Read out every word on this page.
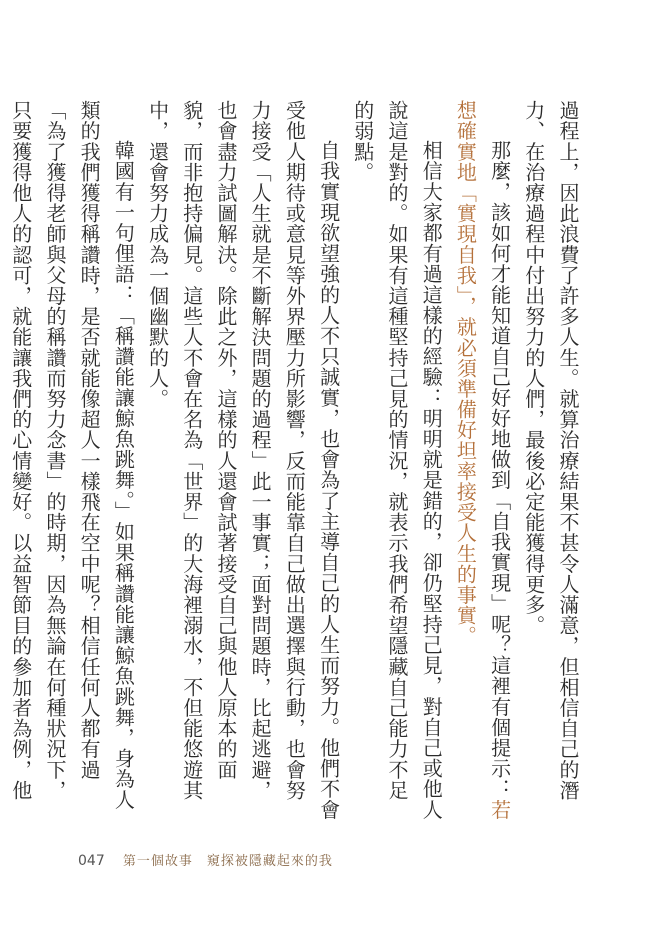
過程上，因此浪費了許多人生。就算治療結果不甚令人滿意，但相信自己的潛力、在治療過程中付出努力的人們，最後必定能獲得更多。

那麼，該如何才能知道自己好好地做到「自我實現」呢？這裡有個提示：若想確實地「實現自我」，就必須準備好坦率接受人生的事實。

相信大家都有過這樣的經驗：明明就是錯的，卻仍堅持己見，對自己或他人說這是對的。如果有這種堅持己見的情況，就表示我們希望隱藏自己能力不足的弱點。

自我實現欲望強的人不只誠實，也會為了主導自己的人生而努力。他們不會受他人期待或意見等外界壓力所影響，反而能靠自己做出選擇與行動，也會努力接受「人生就是不斷解決問題的過程」此一事實；面對問題時，比起逃避，也會盡力試圖解決。除此之外，這樣的人還會試著接受自己與他人原本的面貌，而非抱持偏見。這些人不會在名為「世界」的大海裡溺水，不但能悠遊其中，還會努力成為一個幽默的人。

韓國有一句俚語：「稱讚能讓鯨魚跳舞。」如果稱讚能讓鯨魚跳舞，身為人類的我們獲得稱讚時，是否就能像超人一樣飛在空中呢？相信任何人都有過「為了獲得老師與父母的稱讚而努力念書」的時期，因為無論在何種狀況下，只要獲得他人的認可，就能讓我們的心情變好。以益智節目的參加者為例，他

047 第一個故事　窺探被隱藏起來的我
